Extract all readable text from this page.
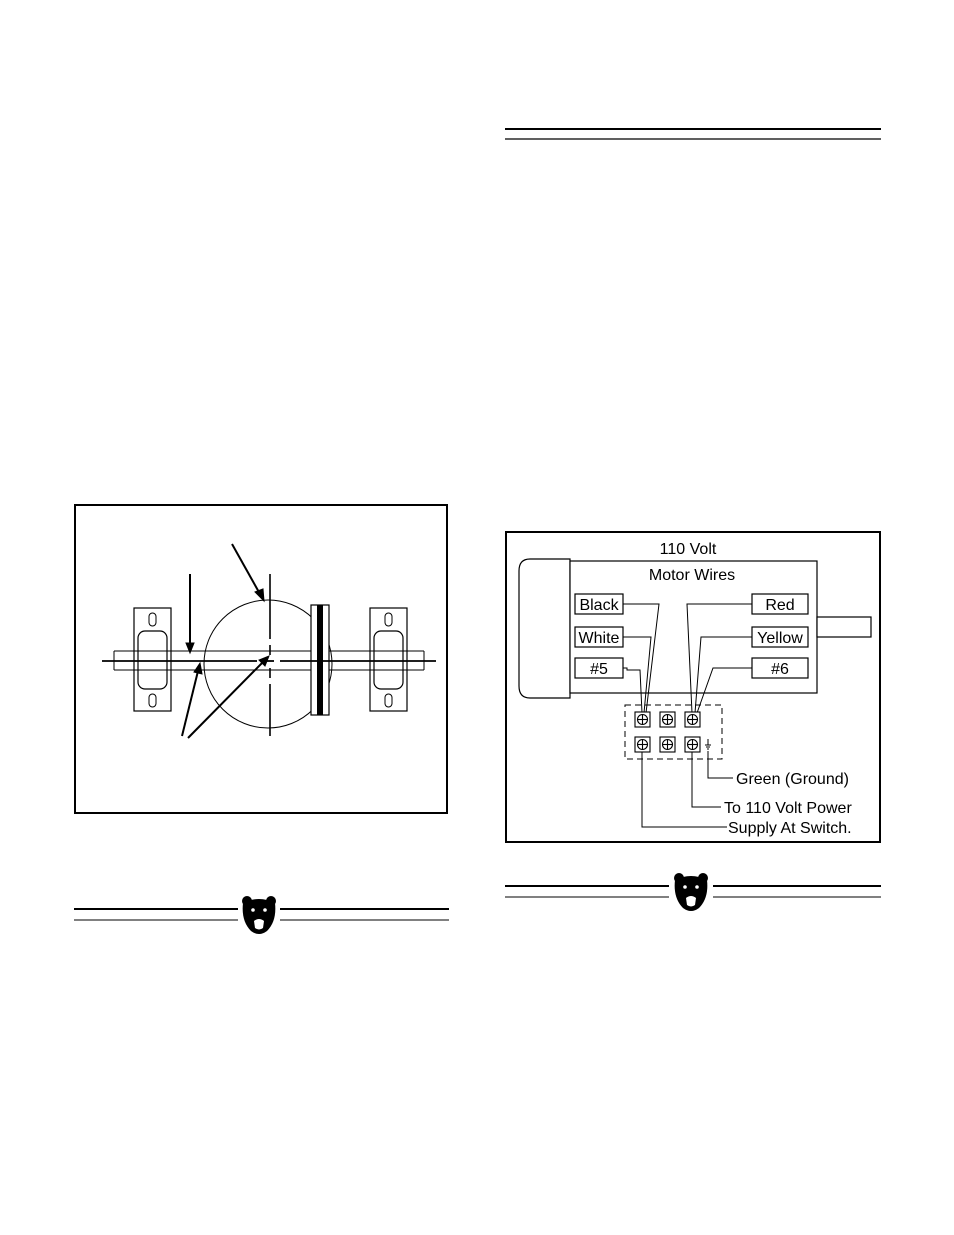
110 Volt
Motor Wires
Black
White
#5
Red
Yellow
#6
Green (Ground)
To 110 Volt Power
Supply At Switch.
